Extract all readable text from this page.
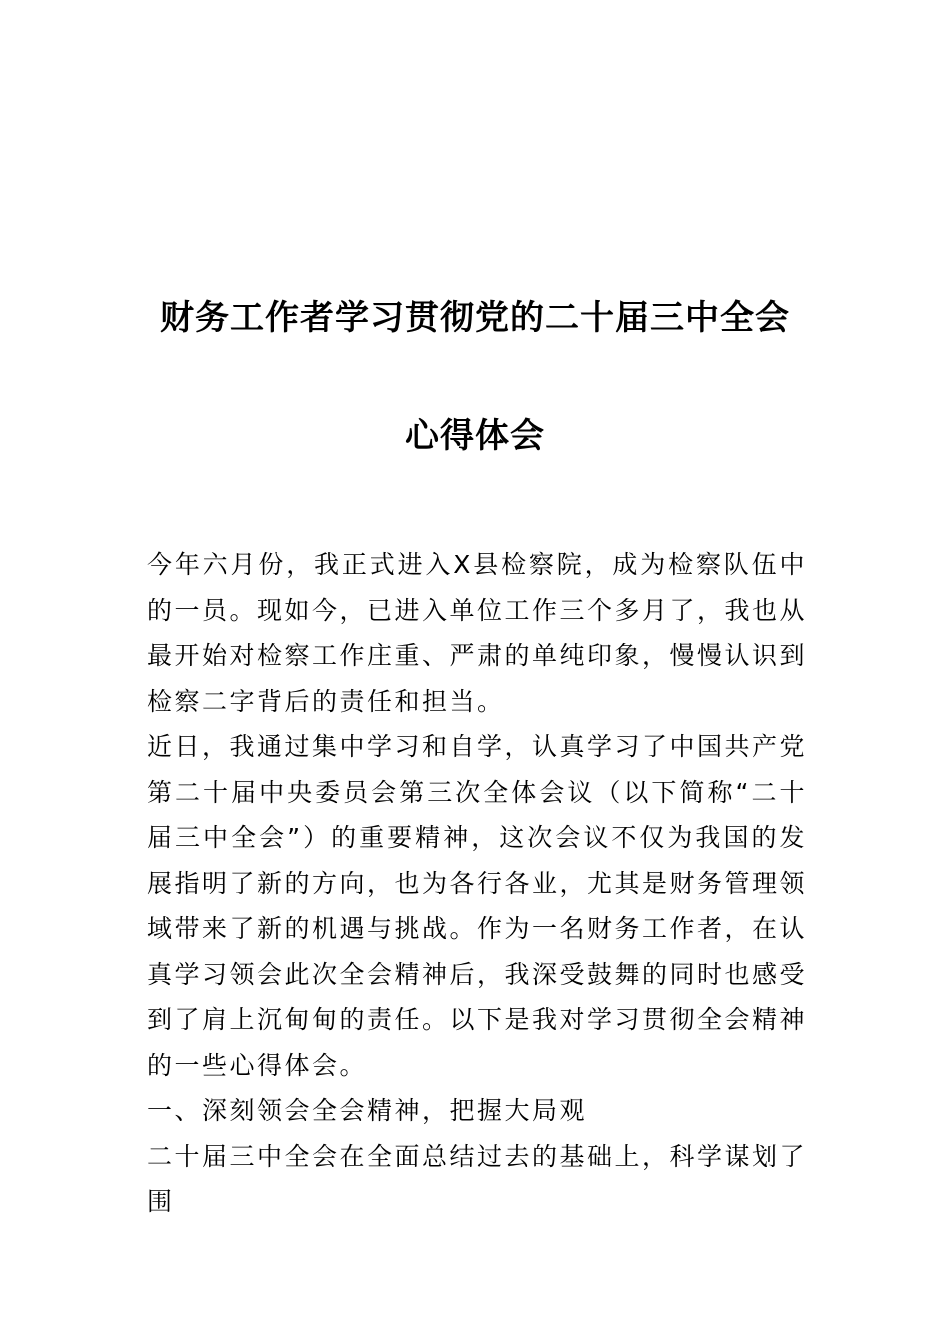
财务工作者学习贯彻党的二十届三中全会
心得体会

今年六月份，我正式进入X县检察院，成为检察队伍中的一员。现如今，已进入单位工作三个多月了，我也从最开始对检察工作庄重、严肃的单纯印象，慢慢认识到检察二字背后的责任和担当。

近日，我通过集中学习和自学，认真学习了中国共产党第二十届中央委员会第三次全体会议（以下简称“二十届三中全会”）的重要精神，这次会议不仅为我国的发展指明了新的方向，也为各行各业，尤其是财务管理领域带来了新的机遇与挑战。作为一名财务工作者，在认真学习领会此次全会精神后，我深受鼓舞的同时也感受到了肩上沉甸甸的责任。以下是我对学习贯彻全会精神的一些心得体会。

一、深刻领会全会精神，把握大局观

二十届三中全会在全面总结过去的基础上，科学谋划了围
